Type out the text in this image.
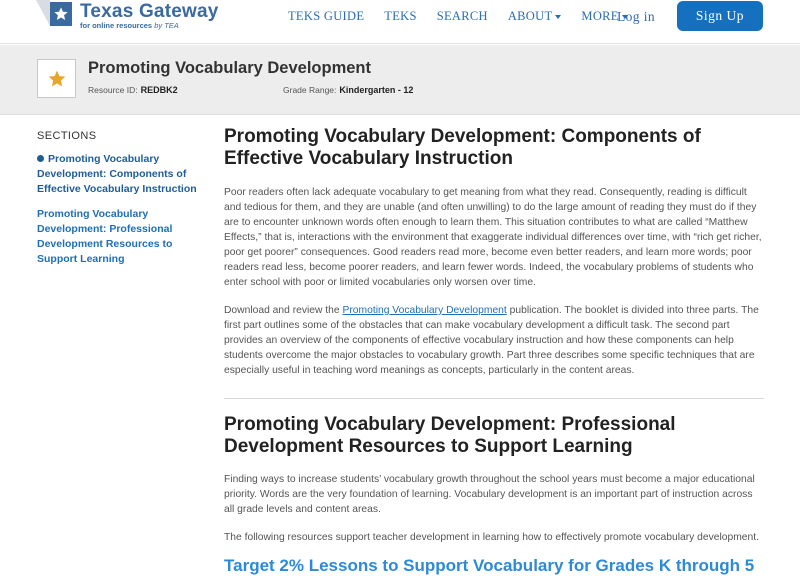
Texas Gateway
for online resources by TEA
TEKS GUIDE TEKS SEARCH ABOUT MORE
Log in	Sign Up
Promoting Vocabulary Development
Resource ID: REDBK2	Grade Range: Kindergarten - 12
SECTIONS
Promoting Vocabulary Development: Components of Effective Vocabulary Instruction
Promoting Vocabulary Development: Professional Development Resources to Support Learning
Promoting Vocabulary Development: Components of Effective Vocabulary Instruction

Poor readers often lack adequate vocabulary to get meaning from what they read. Consequently, reading is difficult and tedious for them, and they are unable (and often unwilling) to do the large amount of reading they must do if they are to encounter unknown words often enough to learn them. This situation contributes to what are called “Matthew Effects,” that is, interactions with the environment that exaggerate individual differences over time, with “rich get richer, poor get poorer” consequences. Good readers read more, become even better readers, and learn more words; poor readers read less, become poorer readers, and learn fewer words. Indeed, the vocabulary problems of students who enter school with poor or limited vocabularies only worsen over time.

Download and review the Promoting Vocabulary Development publication. The booklet is divided into three parts. The first part outlines some of the obstacles that can make vocabulary development a difficult task. The second part provides an overview of the components of effective vocabulary instruction and how these components can help students overcome the major obstacles to vocabulary growth. Part three describes some specific techniques that are especially useful in teaching word meanings as concepts, particularly in the content areas.

Promoting Vocabulary Development: Professional Development Resources to Support Learning

Finding ways to increase students’ vocabulary growth throughout the school years must become a major educational priority. Words are the very foundation of learning. Vocabulary development is an important part of instruction across all grade levels and content areas.

The following resources support teacher development in learning how to effectively promote vocabulary development.

Target 2% Lessons to Support Vocabulary for Grades K through 5
